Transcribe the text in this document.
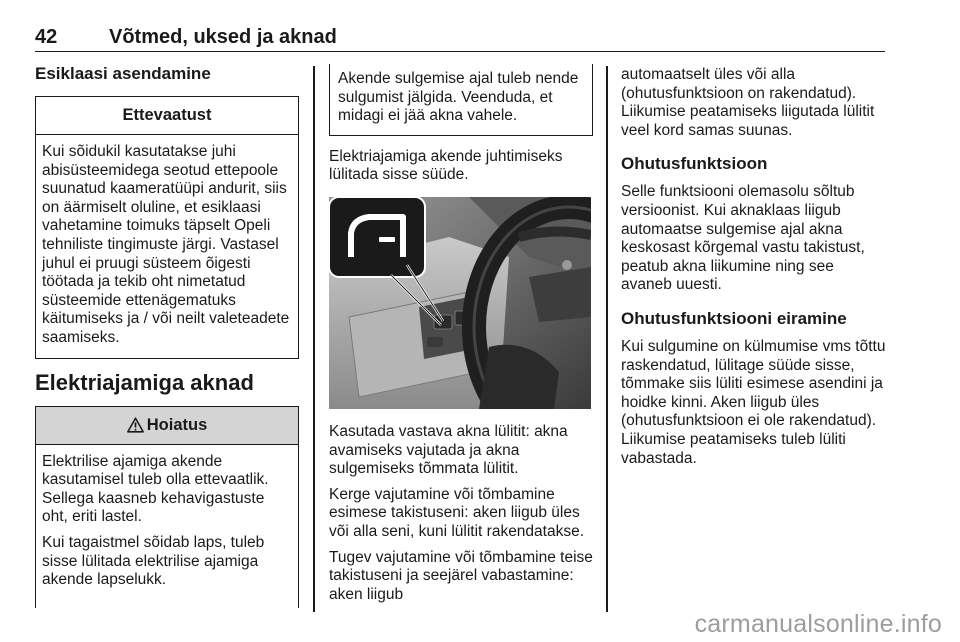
42	Võtmed, uksed ja aknad
Esiklaasi asendamine
Ettevaatust

Kui sõidukil kasutatakse juhi abisüsteemidega seotud ettepoole suunatud kaameratüüpi andurit, siis on äärmiselt oluline, et esiklaasi vahetamine toimuks täpselt Opeli tehniliste tingimuste järgi. Vastasel juhul ei pruugi süsteem õigesti töötada ja tekib oht nimetatud süsteemide ettenägematuks käitumiseks ja / või neilt valeteadete saamiseks.

Elektriajamiga aknad
Hoiatus

Elektrilise ajamiga akende kasutamisel tuleb olla ettevaatlik. Sellega kaasneb kehavigastuste oht, eriti lastel.

Kui tagaistmel sõidab laps, tuleb sisse lülitada elektrilise ajamiga akende lapselukk.

Akende sulgemise ajal tuleb nende sulgumist jälgida. Veenduda, et midagi ei jää akna vahele.

Elektriajamiga akende juhtimiseks lülitada sisse süüde.

Kasutada vastava akna lülitit: akna avamiseks vajutada ja akna sulgemiseks tõmmata lülitit.

Kerge vajutamine või tõmbamine esimese takistuseni: aken liigub üles või alla seni, kuni lülitit rakendatakse.

Tugev vajutamine või tõmbamine teise takistuseni ja seejärel vabastamine: aken liigub

automaatselt üles või alla (ohutusfunktsioon on rakendatud). Liikumise peatamiseks liigutada lülitit veel kord samas suunas.

Ohutusfunktsioon

Selle funktsiooni olemasolu sõltub versioonist. Kui aknaklaas liigub automaatse sulgemise ajal akna keskosast kõrgemal vastu takistust, peatub akna liikumine ning see avaneb uuesti.

Ohutusfunktsiooni eiramine

Kui sulgumine on külmumise vms tõttu raskendatud, lülitage süüde sisse, tõmmake siis lüliti esimese asendini ja hoidke kinni. Aken liigub üles (ohutusfunktsioon ei ole rakendatud). Liikumise peatamiseks tuleb lüliti vabastada.

carmanualsonline.info
